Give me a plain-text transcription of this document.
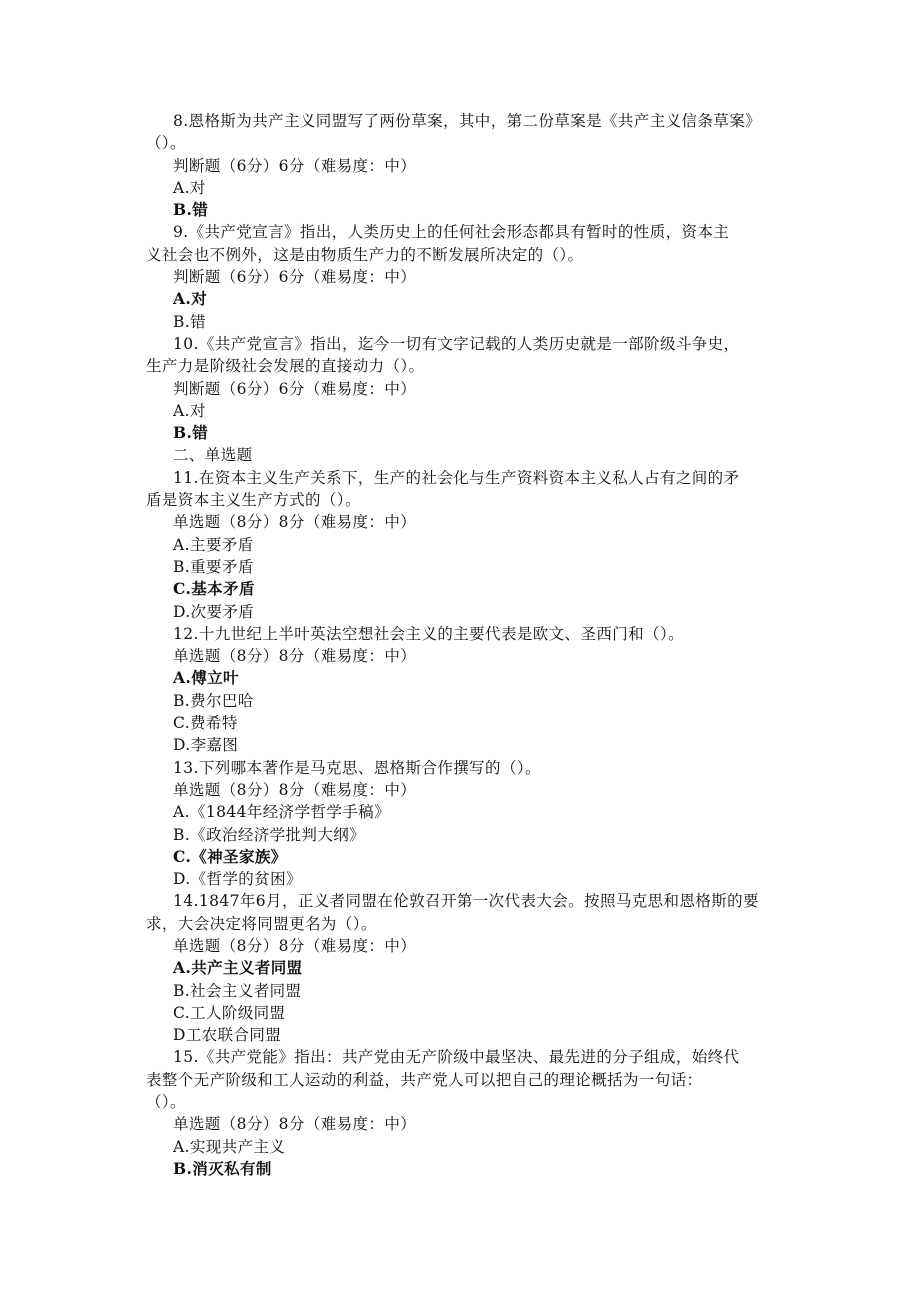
8.恩格斯为共产主义同盟写了两份草案，其中，第二份草案是《共产主义信条草案》
（）。
判断题（6分）6分（难易度：中）
A.对
B.错
9.《共产党宣言》指出，人类历史上的任何社会形态都具有暂时的性质，资本主
义社会也不例外，这是由物质生产力的不断发展所决定的（）。
判断题（6分）6分（难易度：中）
A.对
B.错
10.《共产党宣言》指出，迄今一切有文字记载的人类历史就是一部阶级斗争史，
生产力是阶级社会发展的直接动力（）。
判断题（6分）6分（难易度：中）
A.对
B.错
二、单选题
11.在资本主义生产关系下，生产的社会化与生产资料资本主义私人占有之间的矛
盾是资本主义生产方式的（）。
单选题（8分）8分（难易度：中）
A.主要矛盾
B.重要矛盾
C.基本矛盾
D.次要矛盾
12.十九世纪上半叶英法空想社会主义的主要代表是欧文、圣西门和（）。
单选题（8分）8分（难易度：中）
A.傅立叶
B.费尔巴哈
C.费希特
D.李嘉图
13.下列哪本著作是马克思、恩格斯合作撰写的（）。
单选题（8分）8分（难易度：中）
A.《1844年经济学哲学手稿》
B.《政治经济学批判大纲》
C.《神圣家族》
D.《哲学的贫困》
14.1847年6月，正义者同盟在伦敦召开第一次代表大会。按照马克思和恩格斯的要
求，大会决定将同盟更名为（）。
单选题（8分）8分（难易度：中）
A.共产主义者同盟
B.社会主义者同盟
C.工人阶级同盟
D工农联合同盟
15.《共产党能》指出：共产党由无产阶级中最坚决、最先进的分子组成，始终代
表整个无产阶级和工人运动的利益，共产党人可以把自己的理论概括为一句话：
（）。
单选题（8分）8分（难易度：中）
A.实现共产主义
B.消灭私有制
